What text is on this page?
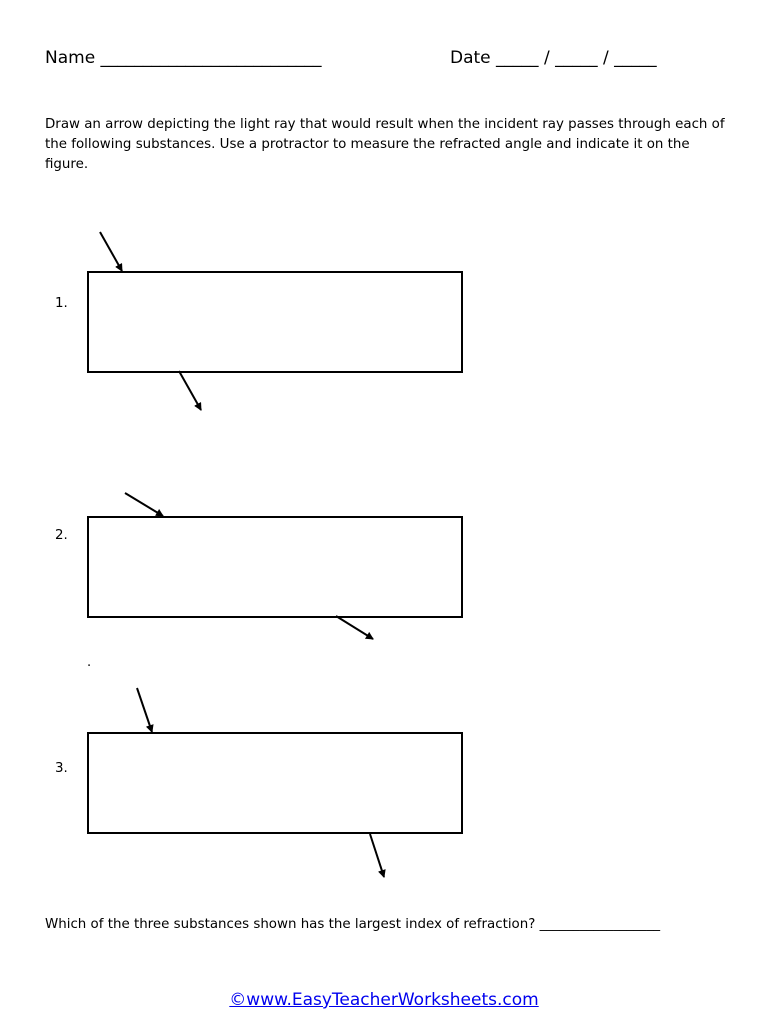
Name __________________________	Date _____ / _____ / _____
Draw an arrow depicting the light ray that would result when the incident ray passes through each of the following substances. Use a protractor to measure the refracted angle and indicate it on the figure.
1.
2.
.
3.
Which of the three substances shown has the largest index of refraction? __________________
©www.EasyTeacherWorksheets.com
